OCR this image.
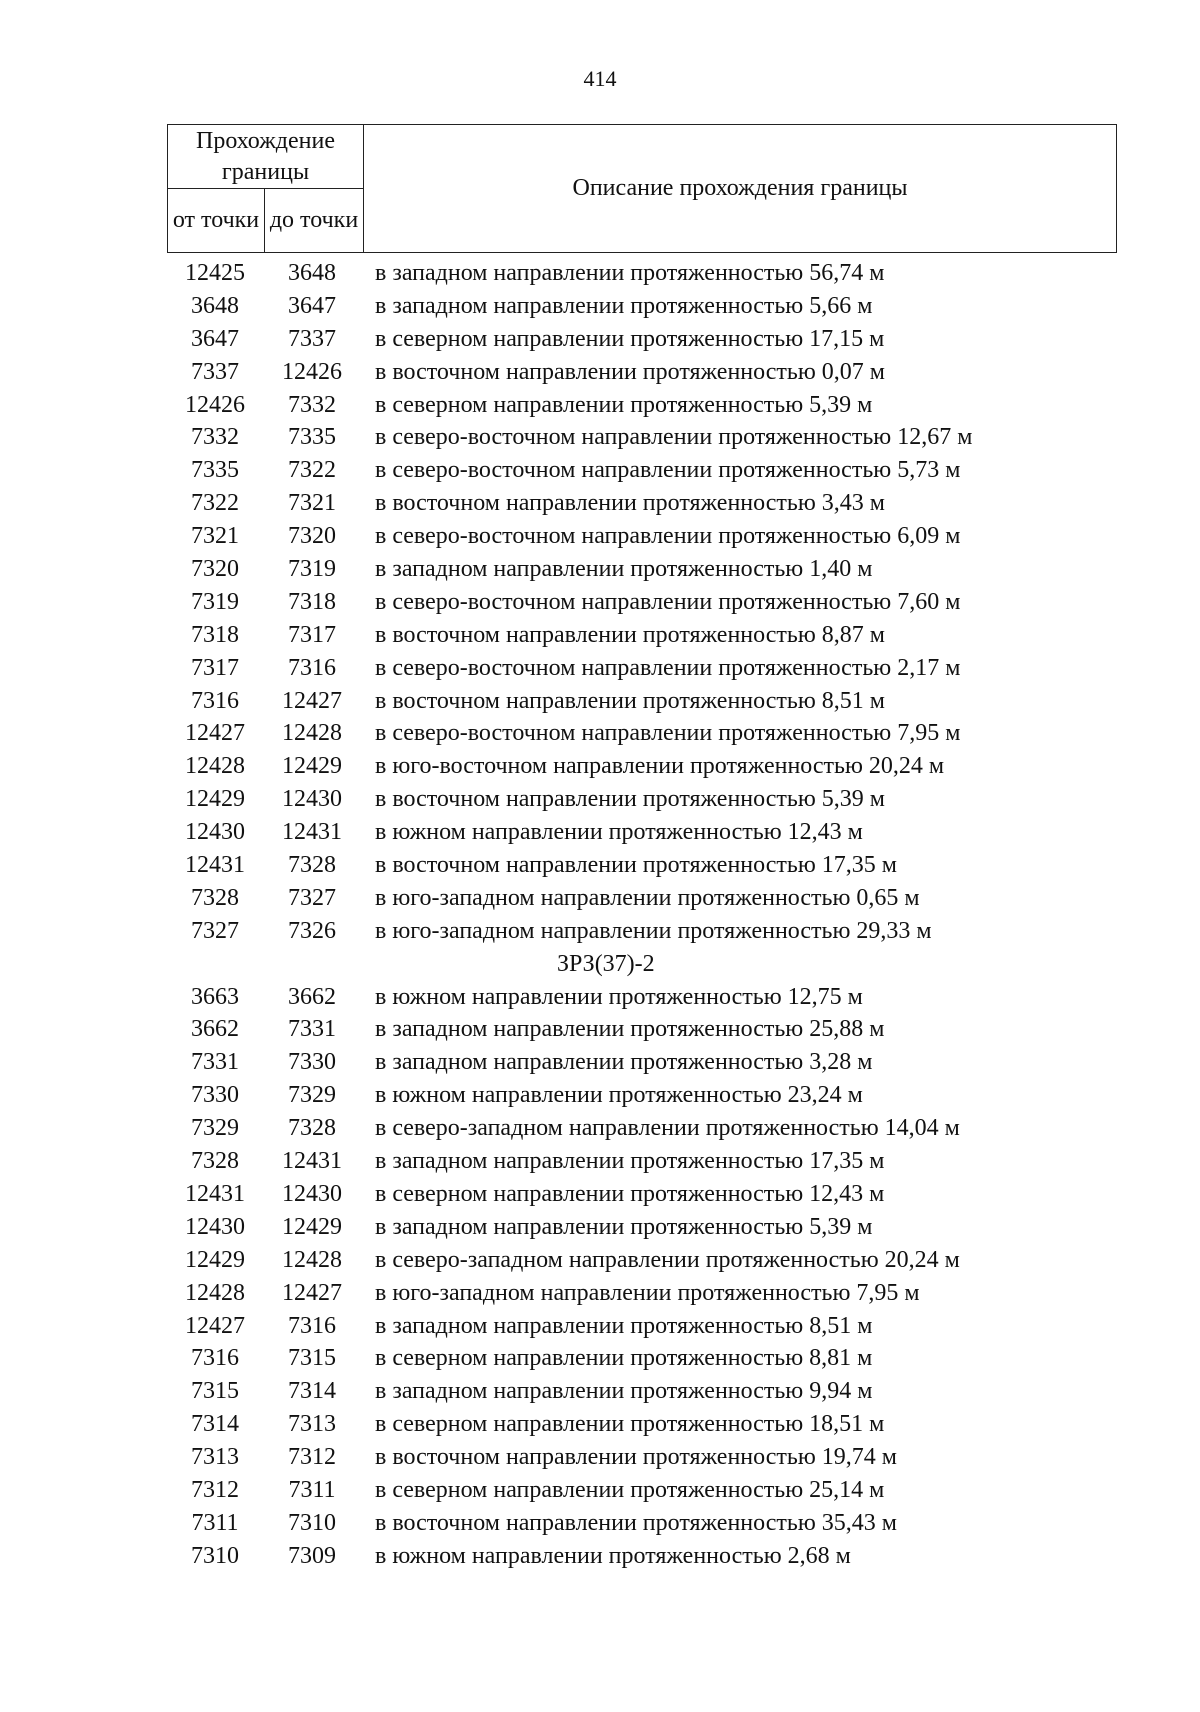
414
Прохождение границы		Описание прохождения границы
от точки	до точки	
12425	3648	в западном направлении протяженностью 56,74 м
3648	3647	в западном направлении протяженностью 5,66 м
3647	7337	в северном направлении протяженностью 17,15 м
7337	12426	в восточном направлении протяженностью 0,07 м
12426	7332	в северном направлении протяженностью 5,39 м
7332	7335	в северо-восточном направлении протяженностью 12,67 м
7335	7322	в северо-восточном направлении протяженностью 5,73 м
7322	7321	в восточном направлении протяженностью 3,43 м
7321	7320	в северо-восточном направлении протяженностью 6,09 м
7320	7319	в западном направлении протяженностью 1,40 м
7319	7318	в северо-восточном направлении протяженностью 7,60 м
7318	7317	в восточном направлении протяженностью 8,87 м
7317	7316	в северо-восточном направлении протяженностью 2,17 м
7316	12427	в восточном направлении протяженностью 8,51 м
12427	12428	в северо-восточном направлении протяженностью 7,95 м
12428	12429	в юго-восточном направлении протяженностью 20,24 м
12429	12430	в восточном направлении протяженностью 5,39 м
12430	12431	в южном направлении протяженностью 12,43 м
12431	7328	в восточном направлении протяженностью 17,35 м
7328	7327	в юго-западном направлении протяженностью 0,65 м
7327	7326	в юго-западном направлении протяженностью 29,33 м
ЗРЗ(37)-2
3663	3662	в южном направлении протяженностью 12,75 м
3662	7331	в западном направлении протяженностью 25,88 м
7331	7330	в западном направлении протяженностью 3,28 м
7330	7329	в южном направлении протяженностью 23,24 м
7329	7328	в северо-западном направлении протяженностью 14,04 м
7328	12431	в западном направлении протяженностью 17,35 м
12431	12430	в северном направлении протяженностью 12,43 м
12430	12429	в западном направлении протяженностью 5,39 м
12429	12428	в северо-западном направлении протяженностью 20,24 м
12428	12427	в юго-западном направлении протяженностью 7,95 м
12427	7316	в западном направлении протяженностью 8,51 м
7316	7315	в северном направлении протяженностью 8,81 м
7315	7314	в западном направлении протяженностью 9,94 м
7314	7313	в северном направлении протяженностью 18,51 м
7313	7312	в восточном направлении протяженностью 19,74 м
7312	7311	в северном направлении протяженностью 25,14 м
7311	7310	в восточном направлении протяженностью 35,43 м
7310	7309	в южном направлении протяженностью 2,68 м
